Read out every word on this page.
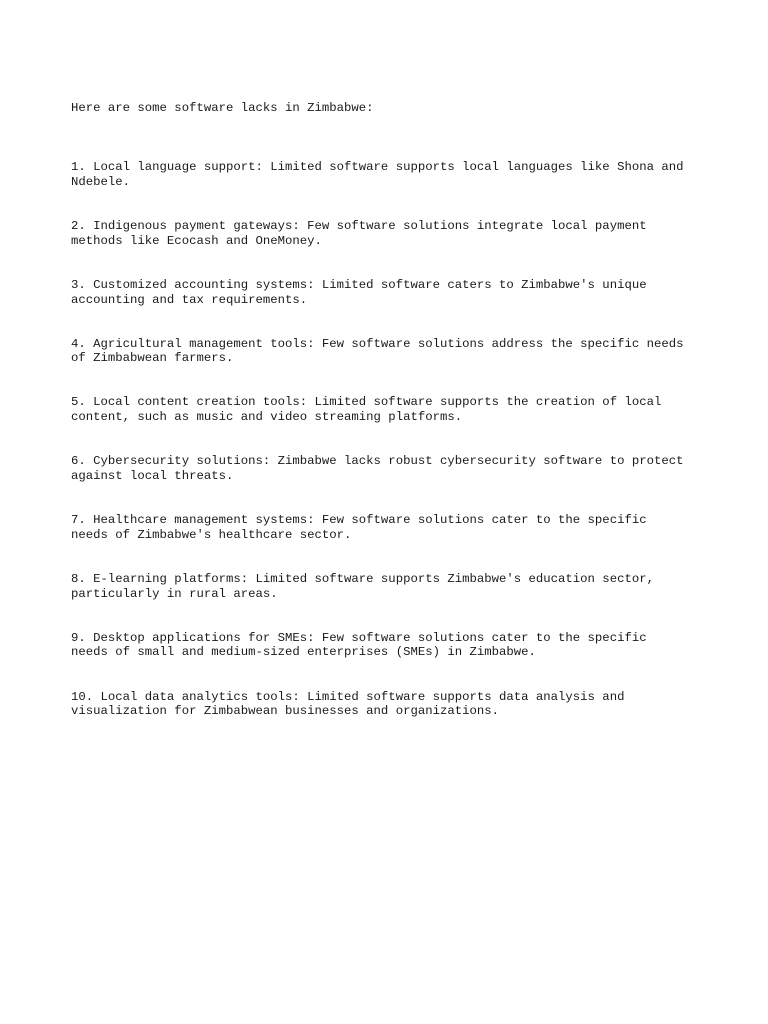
Here are some software lacks in Zimbabwe:

1. Local language support: Limited software supports local languages like Shona and
Ndebele.

2. Indigenous payment gateways: Few software solutions integrate local payment
methods like Ecocash and OneMoney.

3. Customized accounting systems: Limited software caters to Zimbabwe's unique
accounting and tax requirements.

4. Agricultural management tools: Few software solutions address the specific needs
of Zimbabwean farmers.

5. Local content creation tools: Limited software supports the creation of local
content, such as music and video streaming platforms.

6. Cybersecurity solutions: Zimbabwe lacks robust cybersecurity software to protect
against local threats.

7. Healthcare management systems: Few software solutions cater to the specific
needs of Zimbabwe's healthcare sector.

8. E-learning platforms: Limited software supports Zimbabwe's education sector,
particularly in rural areas.

9. Desktop applications for SMEs: Few software solutions cater to the specific
needs of small and medium-sized enterprises (SMEs) in Zimbabwe.

10. Local data analytics tools: Limited software supports data analysis and
visualization for Zimbabwean businesses and organizations.
